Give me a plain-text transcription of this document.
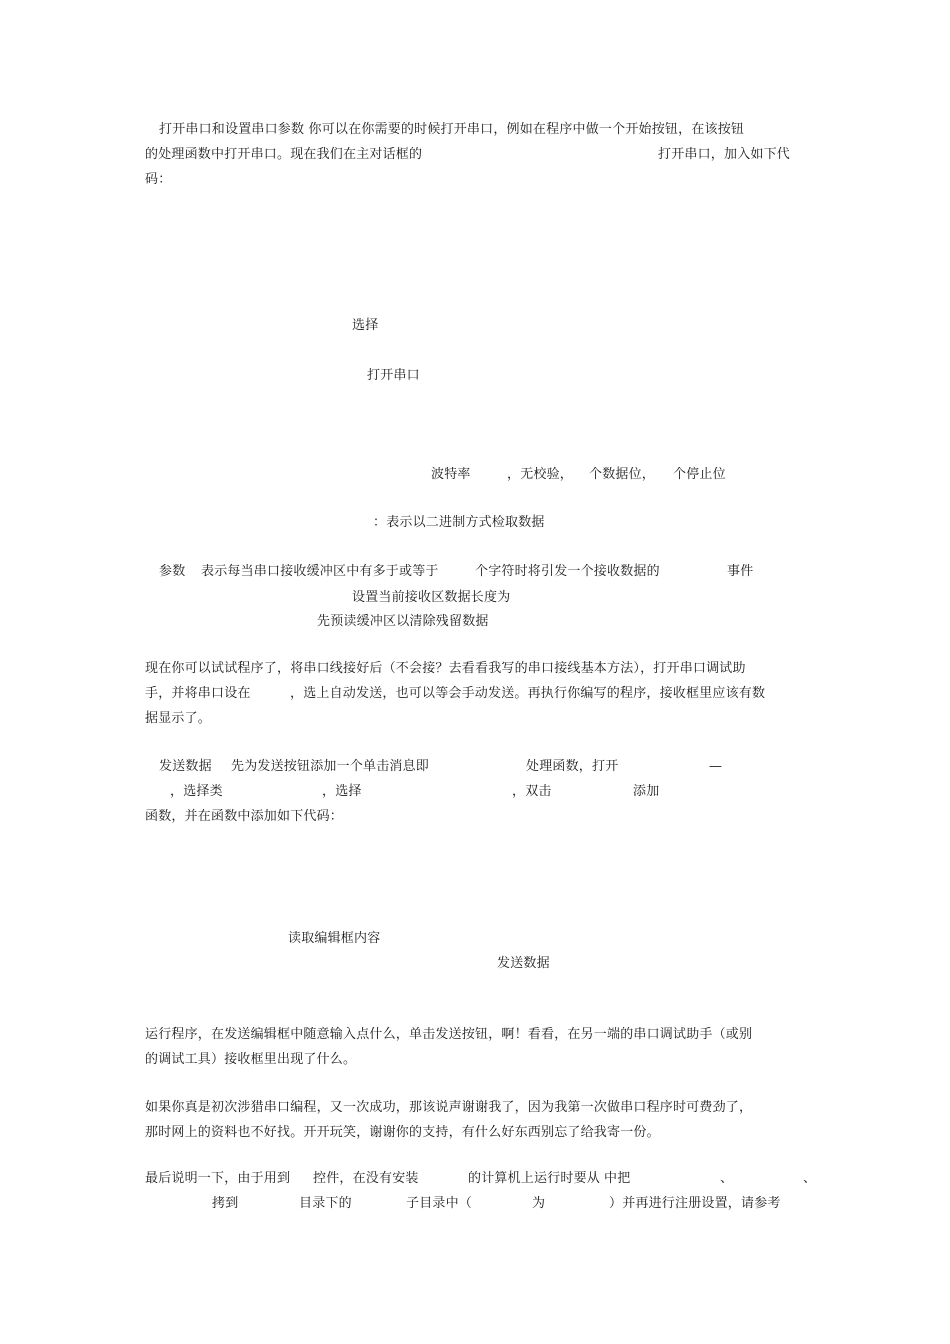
打开串口和设置串口参数 你可以在你需要的时候打开串口，例如在程序中做一个开始按钮，在该按钮
的处理函数中打开串口。现在我们在主对话框的	打开串口，加入如下代
码：
选择
打开串口
波特率	，无校验， 个数据位， 个停止位
：表示以二进制方式检取数据
参数 表示每当串口接收缓冲区中有多于或等于	个字符时将引发一个接收数据的	事件
设置当前接收区数据长度为
先预读缓冲区以清除残留数据
现在你可以试试程序了，将串口线接好后（不会接？去看看我写的串口接线基本方法），打开串口调试助
手，并将串口设在	，选上自动发送，也可以等会手动发送。再执行你编写的程序，接收框里应该有数
据显示了。
发送数据 先为发送按钮添加一个单击消息即	处理函数，打开	—
，选择类	，选择	，双击	添加
函数，并在函数中添加如下代码：
读取编辑框内容
发送数据
运行程序，在发送编辑框中随意输入点什么，单击发送按钮，啊！看看，在另一端的串口调试助手（或别
的调试工具）接收框里出现了什么。
如果你真是初次涉猎串口编程，又一次成功，那该说声谢谢我了，因为我第一次做串口程序时可费劲了，
那时网上的资料也不好找。开开玩笑，谢谢你的支持，有什么好东西别忘了给我寄一份。
最后说明一下，由于用到 控件，在没有安装	的计算机上运行时要从 中把	、	、
拷到	目录下的	子目录中（	为	）并再进行注册设置，请参考
